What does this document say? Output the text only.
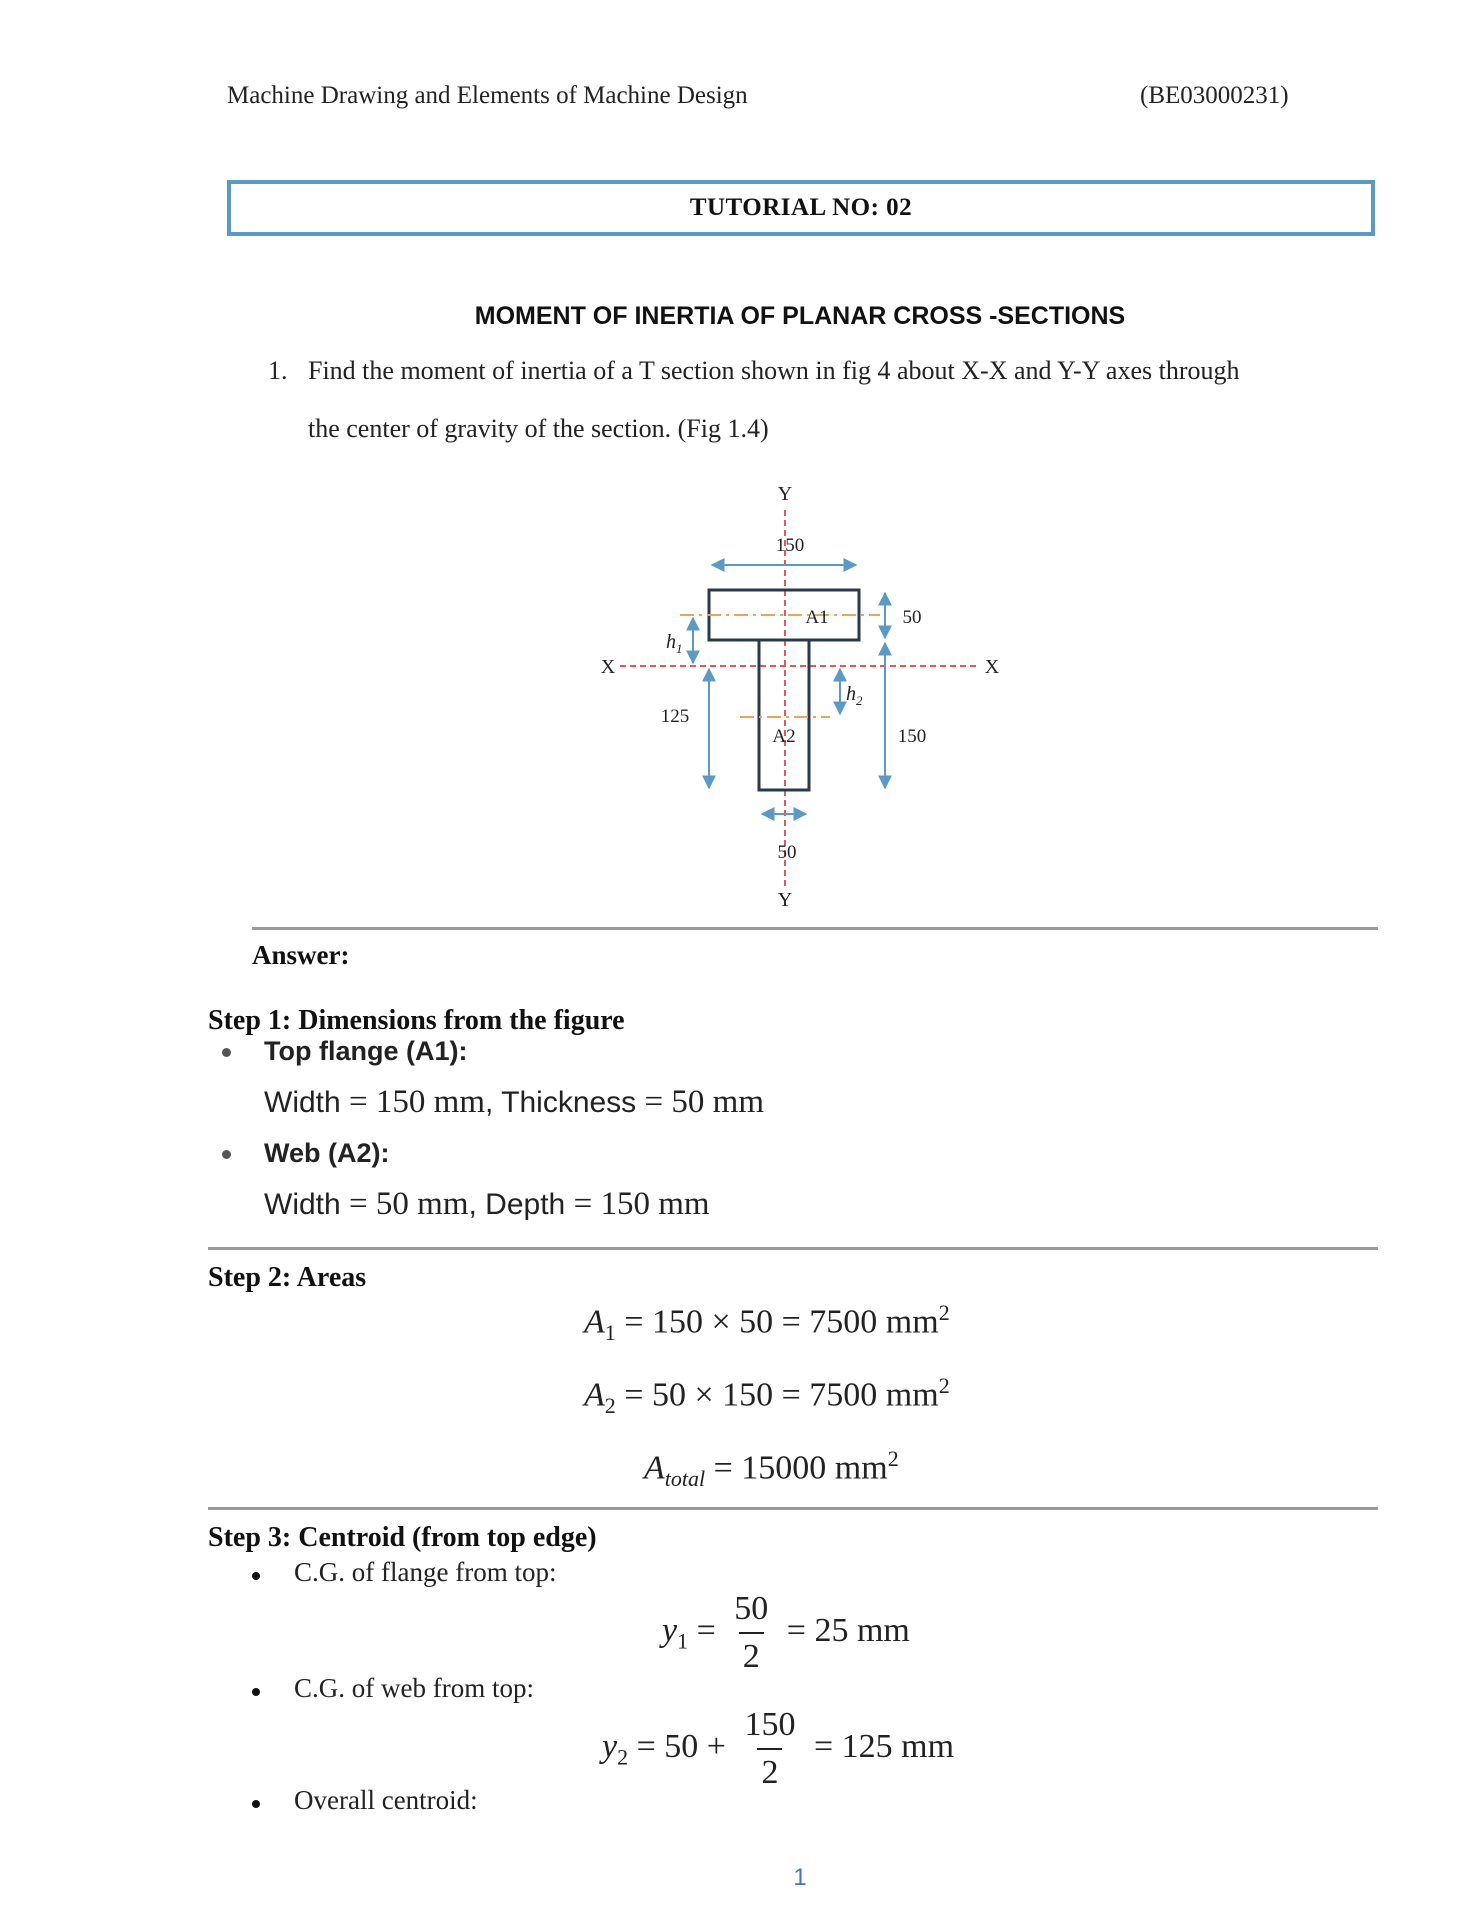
Machine Drawing and Elements of Machine Design	(BE03000231)
TUTORIAL NO: 02
MOMENT OF INERTIA OF PLANAR CROSS -SECTIONS
1. Find the moment of inertia of a T section shown in fig 4 about X-X and Y-Y axes through
the center of gravity of the section. (Fig 1.4)
Y
Y
X	X
150
50
150
125
50
A1
A2
$h_1$
$h_2$
Answer:
Step 1: Dimensions from the figure
Top flange (A1):
Width = 150 mm, Thickness = 50 mm
Web (A2):
Width = 50 mm, Depth = 150 mm
Step 2: Areas
$A_1 = 150 \times 50 = 7500$ $mm^2$
$A_2 = 50 \times 150 = 7500$ $mm^2$
$A_{total} = 15000$ $mm^2$
Step 3: Centroid (from top edge)
C.G. of flange from top:
$y_1 = \frac{50}{2} = 25$ mm
C.G. of web from top:
$y_2 = 50 + \frac{150}{2} = 125$ mm
Overall centroid:
1
